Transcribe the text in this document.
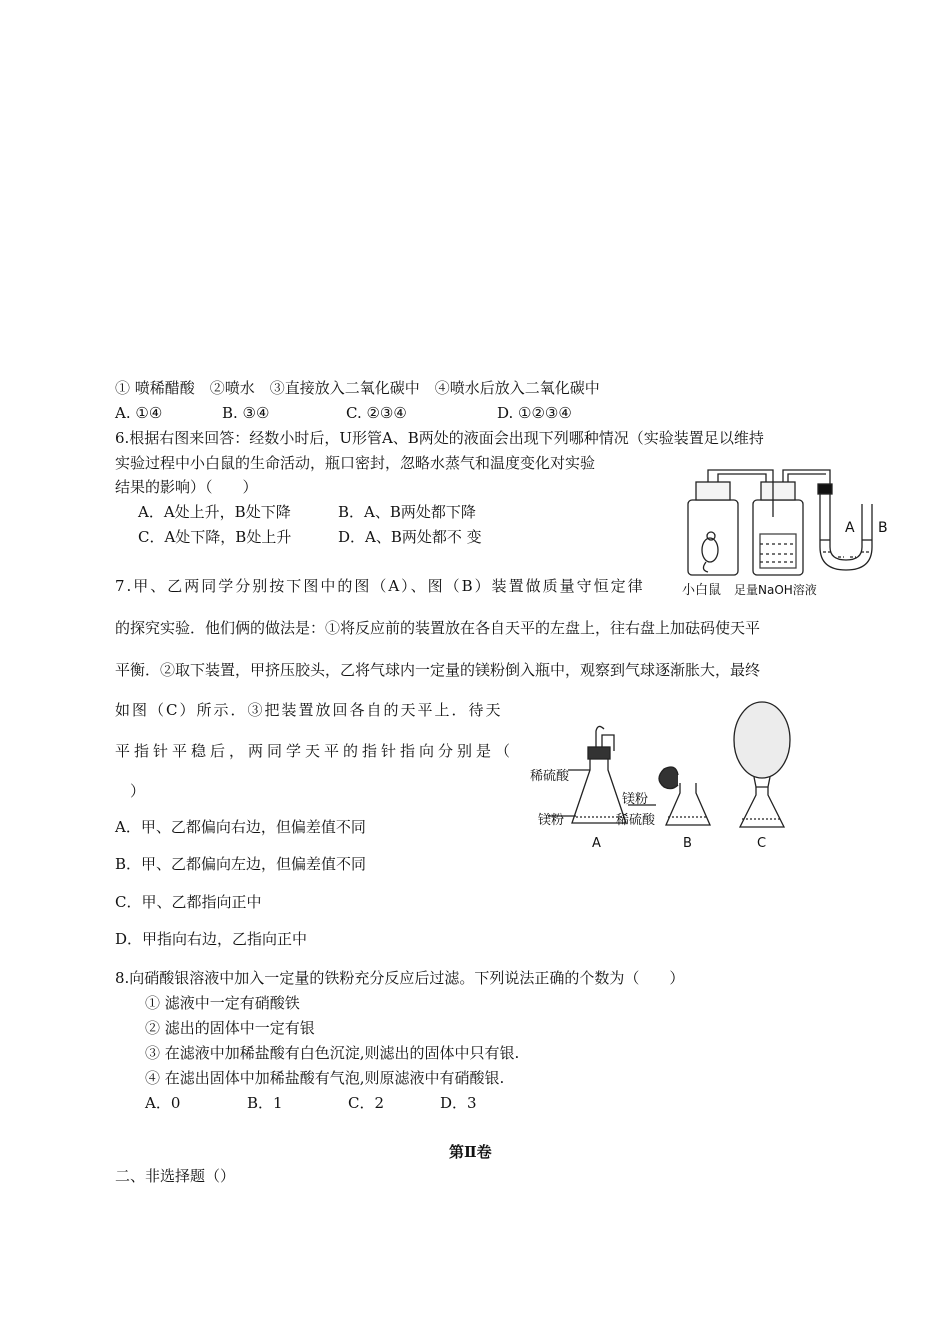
① 喷稀醋酸　②喷水　③直接放入二氧化碳中　④喷水后放入二氧化碳中
A. ①④	B. ③④	C. ②③④	D. ①②③④
6.根据右图来回答：经数小时后，U形管A、B两处的液面会出现下列哪种情况（实验装置足以维持
实验过程中小白鼠的生命活动，瓶口密封，忽略水蒸气和温度变化对实验
结果的影响）（　　）
A．A处上升，B处下降	B．A、B两处都下降
C．A处下降，B处上升	D．A、B两处都不 变	A B
小白鼠 足量NaOH溶液
7.甲、乙两同学分别按下图中的图（A）、图（B）装置做质量守恒定律
的探究实验．他们俩的做法是：①将反应前的装置放在各自天平的左盘上，往右盘上加砝码使天平
平衡．②取下装置，甲挤压胶头，乙将气球内一定量的镁粉倒入瓶中，观察到气球逐渐胀大，最终
如图（C）所示．③把装置放回各自的天平上．待天
平指针平稳后，两同学天平的指针指向分别是（
）
A．甲、乙都偏向右边，但偏差值不同
B．甲、乙都偏向左边，但偏差值不同
C．甲、乙都指向正中
D．甲指向右边，乙指向正中
稀硫酸
镁粉
镁粉
稀硫酸
A	B	C
8.向硝酸银溶液中加入一定量的铁粉充分反应后过滤。下列说法正确的个数为（　　）
① 滤液中一定有硝酸铁
② 滤出的固体中一定有银
③ 在滤液中加稀盐酸有白色沉淀,则滤出的固体中只有银.
④ 在滤出固体中加稀盐酸有气泡,则原滤液中有硝酸银.
A．0	B．1	C．2	D．3
第Ⅱ卷
二、非选择题（）
